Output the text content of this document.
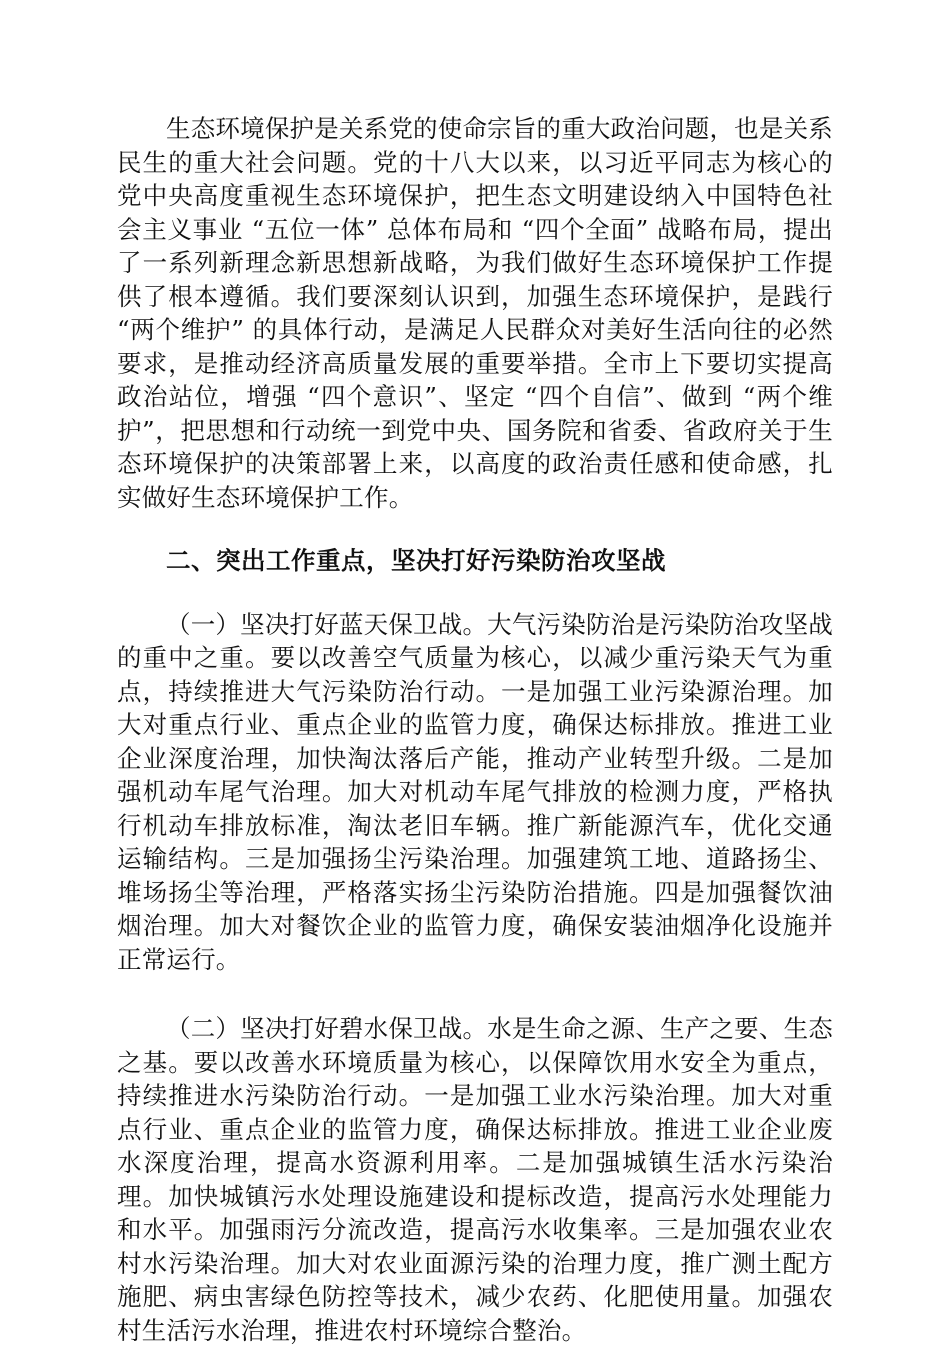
生态环境保护是关系党的使命宗旨的重大政治问题，也是关系民生的重大社会问题。党的十八大以来，以习近平同志为核心的党中央高度重视生态环境保护，把生态文明建设纳入中国特色社会主义事业 “五位一体” 总体布局和 “四个全面” 战略布局，提出了一系列新理念新思想新战略，为我们做好生态环境保护工作提供了根本遵循。我们要深刻认识到，加强生态环境保护，是践行 “两个维护” 的具体行动，是满足人民群众对美好生活向往的必然要求，是推动经济高质量发展的重要举措。全市上下要切实提高政治站位，增强 “四个意识”、坚定 “四个自信”、做到 “两个维护”，把思想和行动统一到党中央、国务院和省委、省政府关于生态环境保护的决策部署上来，以高度的政治责任感和使命感，扎实做好生态环境保护工作。

二、突出工作重点，坚决打好污染防治攻坚战

（一）坚决打好蓝天保卫战。大气污染防治是污染防治攻坚战的重中之重。要以改善空气质量为核心，以减少重污染天气为重点，持续推进大气污染防治行动。一是加强工业污染源治理。加大对重点行业、重点企业的监管力度，确保达标排放。推进工业企业深度治理，加快淘汰落后产能，推动产业转型升级。二是加强机动车尾气治理。加大对机动车尾气排放的检测力度，严格执行机动车排放标准，淘汰老旧车辆。推广新能源汽车，优化交通运输结构。三是加强扬尘污染治理。加强建筑工地、道路扬尘、堆场扬尘等治理，严格落实扬尘污染防治措施。四是加强餐饮油烟治理。加大对餐饮企业的监管力度，确保安装油烟净化设施并正常运行。

（二）坚决打好碧水保卫战。水是生命之源、生产之要、生态之基。要以改善水环境质量为核心，以保障饮用水安全为重点，持续推进水污染防治行动。一是加强工业水污染治理。加大对重点行业、重点企业的监管力度，确保达标排放。推进工业企业废水深度治理，提高水资源利用率。二是加强城镇生活水污染治理。加快城镇污水处理设施建设和提标改造，提高污水处理能力和水平。加强雨污分流改造，提高污水收集率。三是加强农业农村水污染治理。加大对农业面源污染的治理力度，推广测土配方施肥、病虫害绿色防控等技术，减少农药、化肥使用量。加强农村生活污水治理，推进农村环境综合整治。
